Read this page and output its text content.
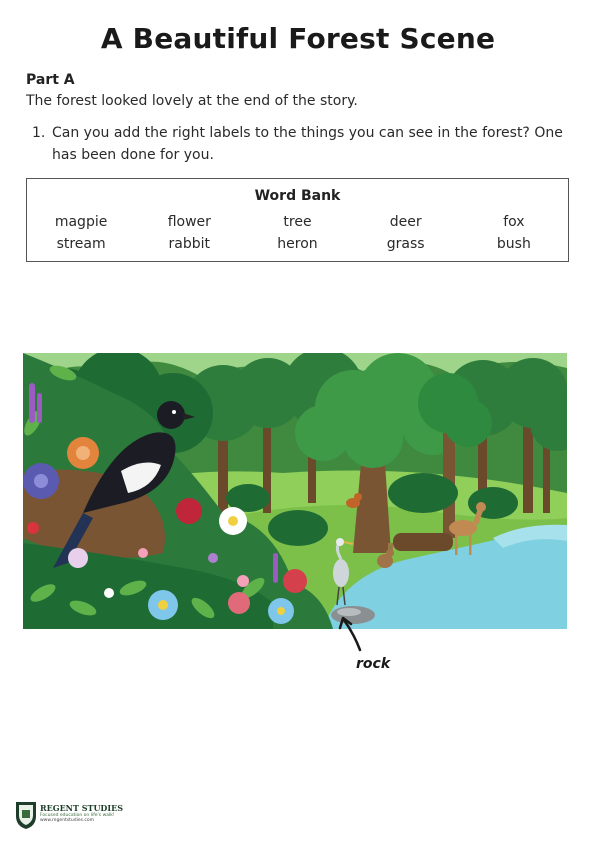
A Beautiful Forest Scene
Part A
The forest looked lovely at the end of the story.
1. Can you add the right labels to the things you can see in the forest? One has been done for you.
Word Bank
magpie	flower	tree	deer	fox
stream	rabbit	heron	grass	bush
rock
REGENT STUDIES
Focused education on life's walk!
www.regentstudies.com
